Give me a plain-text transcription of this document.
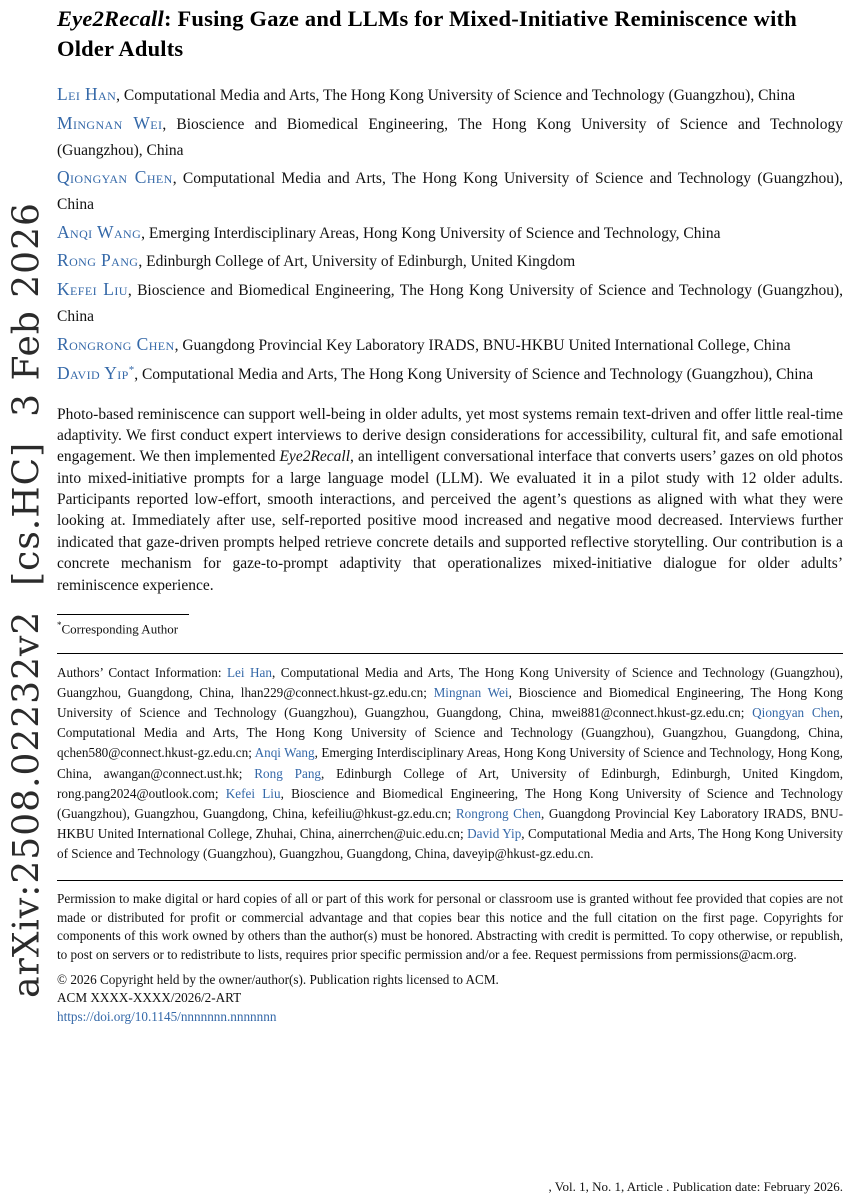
arXiv:2508.02232v2  [cs.HC]  3 Feb 2026
Eye2Recall: Fusing Gaze and LLMs for Mixed-Initiative Reminiscence with Older Adults

Lei Han, Computational Media and Arts, The Hong Kong University of Science and Technology (Guangzhou), China

Mingnan Wei, Bioscience and Biomedical Engineering, The Hong Kong University of Science and Technology (Guangzhou), China

Qiongyan Chen, Computational Media and Arts, The Hong Kong University of Science and Technology (Guangzhou), China

Anqi Wang, Emerging Interdisciplinary Areas, Hong Kong University of Science and Technology, China

Rong Pang, Edinburgh College of Art, University of Edinburgh, United Kingdom

Kefei Liu, Bioscience and Biomedical Engineering, The Hong Kong University of Science and Technology (Guangzhou), China

Rongrong Chen, Guangdong Provincial Key Laboratory IRADS, BNU-HKBU United International College, China

David Yip*, Computational Media and Arts, The Hong Kong University of Science and Technology (Guangzhou), China

Photo-based reminiscence can support well-being in older adults, yet most systems remain text-driven and offer little real-time adaptivity. We first conduct expert interviews to derive design considerations for accessibility, cultural fit, and safe emotional engagement. We then implemented Eye2Recall, an intelligent conversational interface that converts users’ gazes on old photos into mixed-initiative prompts for a large language model (LLM). We evaluated it in a pilot study with 12 older adults. Participants reported low-effort, smooth interactions, and perceived the agent’s questions as aligned with what they were looking at. Immediately after use, self-reported positive mood increased and negative mood decreased. Interviews further indicated that gaze-driven prompts helped retrieve concrete details and supported reflective storytelling. Our contribution is a concrete mechanism for gaze-to-prompt adaptivity that operationalizes mixed-initiative dialogue for older adults’ reminiscence experience.

*Corresponding Author

Authors’ Contact Information: Lei Han, Computational Media and Arts, The Hong Kong University of Science and Technology (Guangzhou), Guangzhou, Guangdong, China, lhan229@connect.hkust-gz.edu.cn; Mingnan Wei, Bioscience and Biomedical Engineering, The Hong Kong University of Science and Technology (Guangzhou), Guangzhou, Guangdong, China, mwei881@connect.hkust-gz.edu.cn; Qiongyan Chen, Computational Media and Arts, The Hong Kong University of Science and Technology (Guangzhou), Guangzhou, Guangdong, China, qchen580@connect.hkust-gz.edu.cn; Anqi Wang, Emerging Interdisciplinary Areas, Hong Kong University of Science and Technology, Hong Kong, China, awangan@connect.ust.hk; Rong Pang, Edinburgh College of Art, University of Edinburgh, Edinburgh, United Kingdom, rong.pang2024@outlook.com; Kefei Liu, Bioscience and Biomedical Engineering, The Hong Kong University of Science and Technology (Guangzhou), Guangzhou, Guangdong, China, kefeiliu@hkust-gz.edu.cn; Rongrong Chen, Guangdong Provincial Key Laboratory IRADS, BNU-HKBU United International College, Zhuhai, China, ainerrchen@uic.edu.cn; David Yip, Computational Media and Arts, The Hong Kong University of Science and Technology (Guangzhou), Guangzhou, Guangdong, China, daveyip@hkust-gz.edu.cn.

Permission to make digital or hard copies of all or part of this work for personal or classroom use is granted without fee provided that copies are not made or distributed for profit or commercial advantage and that copies bear this notice and the full citation on the first page. Copyrights for components of this work owned by others than the author(s) must be honored. Abstracting with credit is permitted. To copy otherwise, or republish, to post on servers or to redistribute to lists, requires prior specific permission and/or a fee. Request permissions from permissions@acm.org.

© 2026 Copyright held by the owner/author(s). Publication rights licensed to ACM.

ACM XXXX-XXXX/2026/2-ART

https://doi.org/10.1145/nnnnnnn.nnnnnnn

, Vol. 1, No. 1, Article . Publication date: February 2026.
